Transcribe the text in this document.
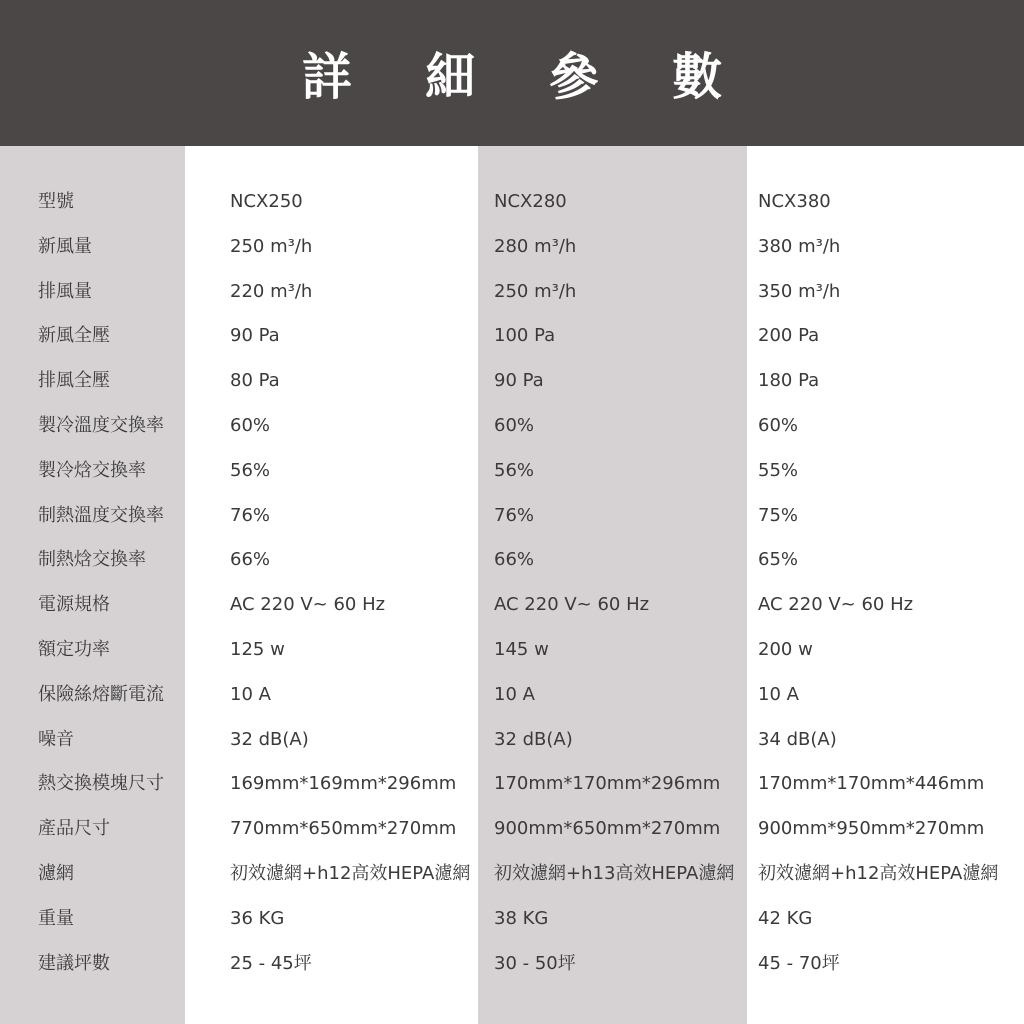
詳 細 參 數
型號	NCX250	NCX280	NCX380
新風量	250 m³/h	280 m³/h	380 m³/h
排風量	220 m³/h	250 m³/h	350 m³/h
新風全壓	90 Pa	100 Pa	200 Pa
排風全壓	80 Pa	90 Pa	180 Pa
製冷溫度交換率	60%	60%	60%
製冷焓交換率	56%	56%	55%
制熱溫度交換率	76%	76%	75%
制熱焓交換率	66%	66%	65%
電源規格	AC 220 V~ 60 Hz	AC 220 V~ 60 Hz	AC 220 V~ 60 Hz
額定功率	125 w	145 w	200 w
保險絲熔斷電流	10 A	10 A	10 A
噪音	32 dB(A)	32 dB(A)	34 dB(A)
熱交換模塊尺寸	169mm*169mm*296mm 170mm*170mm*296mm 170mm*170mm*446mm
產品尺寸	770mm*650mm*270mm 900mm*650mm*270mm 900mm*950mm*270mm
濾網	初效濾網+h12高效HEPA濾網 初效濾網+h13高效HEPA濾網 初效濾網+h12高效HEPA濾網
重量	36 KG	38 KG	42 KG
建議坪數	25 - 45坪	30 - 50坪	45 - 70坪
